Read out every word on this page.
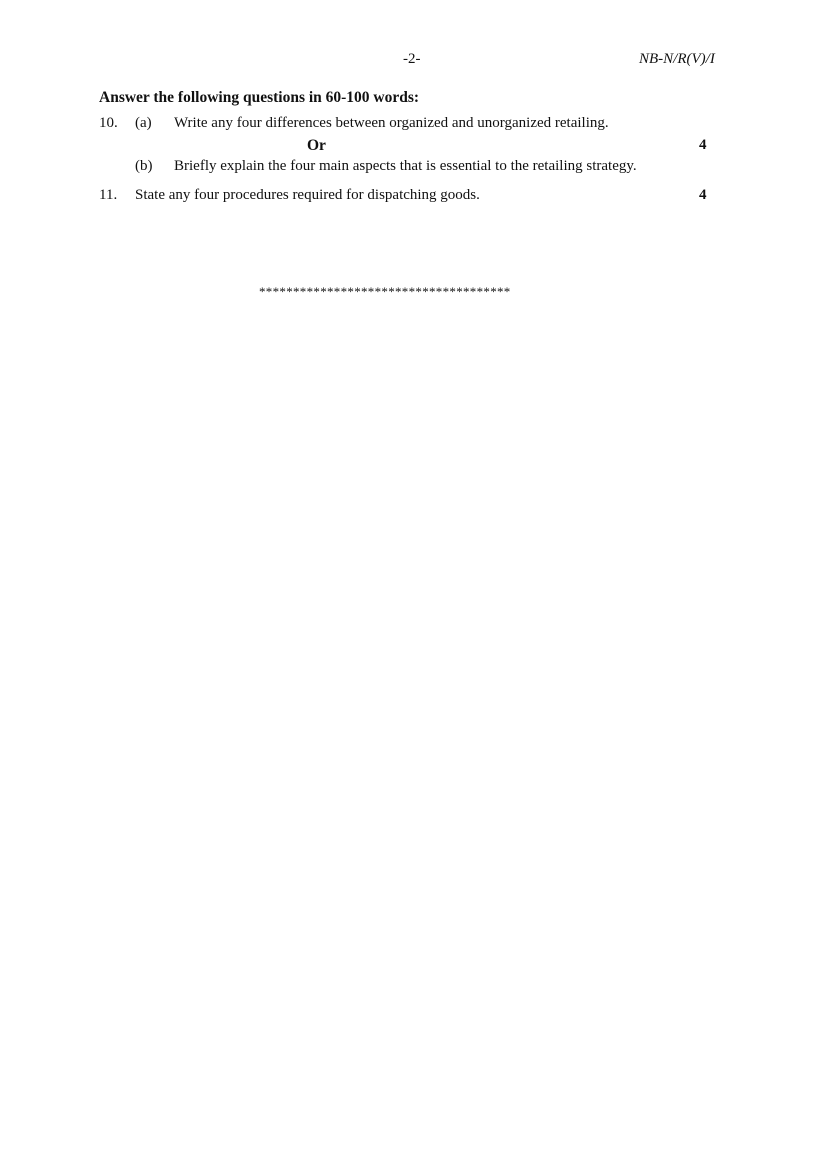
-2-	NB-N/R(V)/I
Answer the following questions in 60-100 words:
10. (a) Write any four differences between organized and unorganized retailing.
Or	4
(b) Briefly explain the four main aspects that is essential to the retailing strategy.
11. State any four procedures required for dispatching goods.	4
*************************************
